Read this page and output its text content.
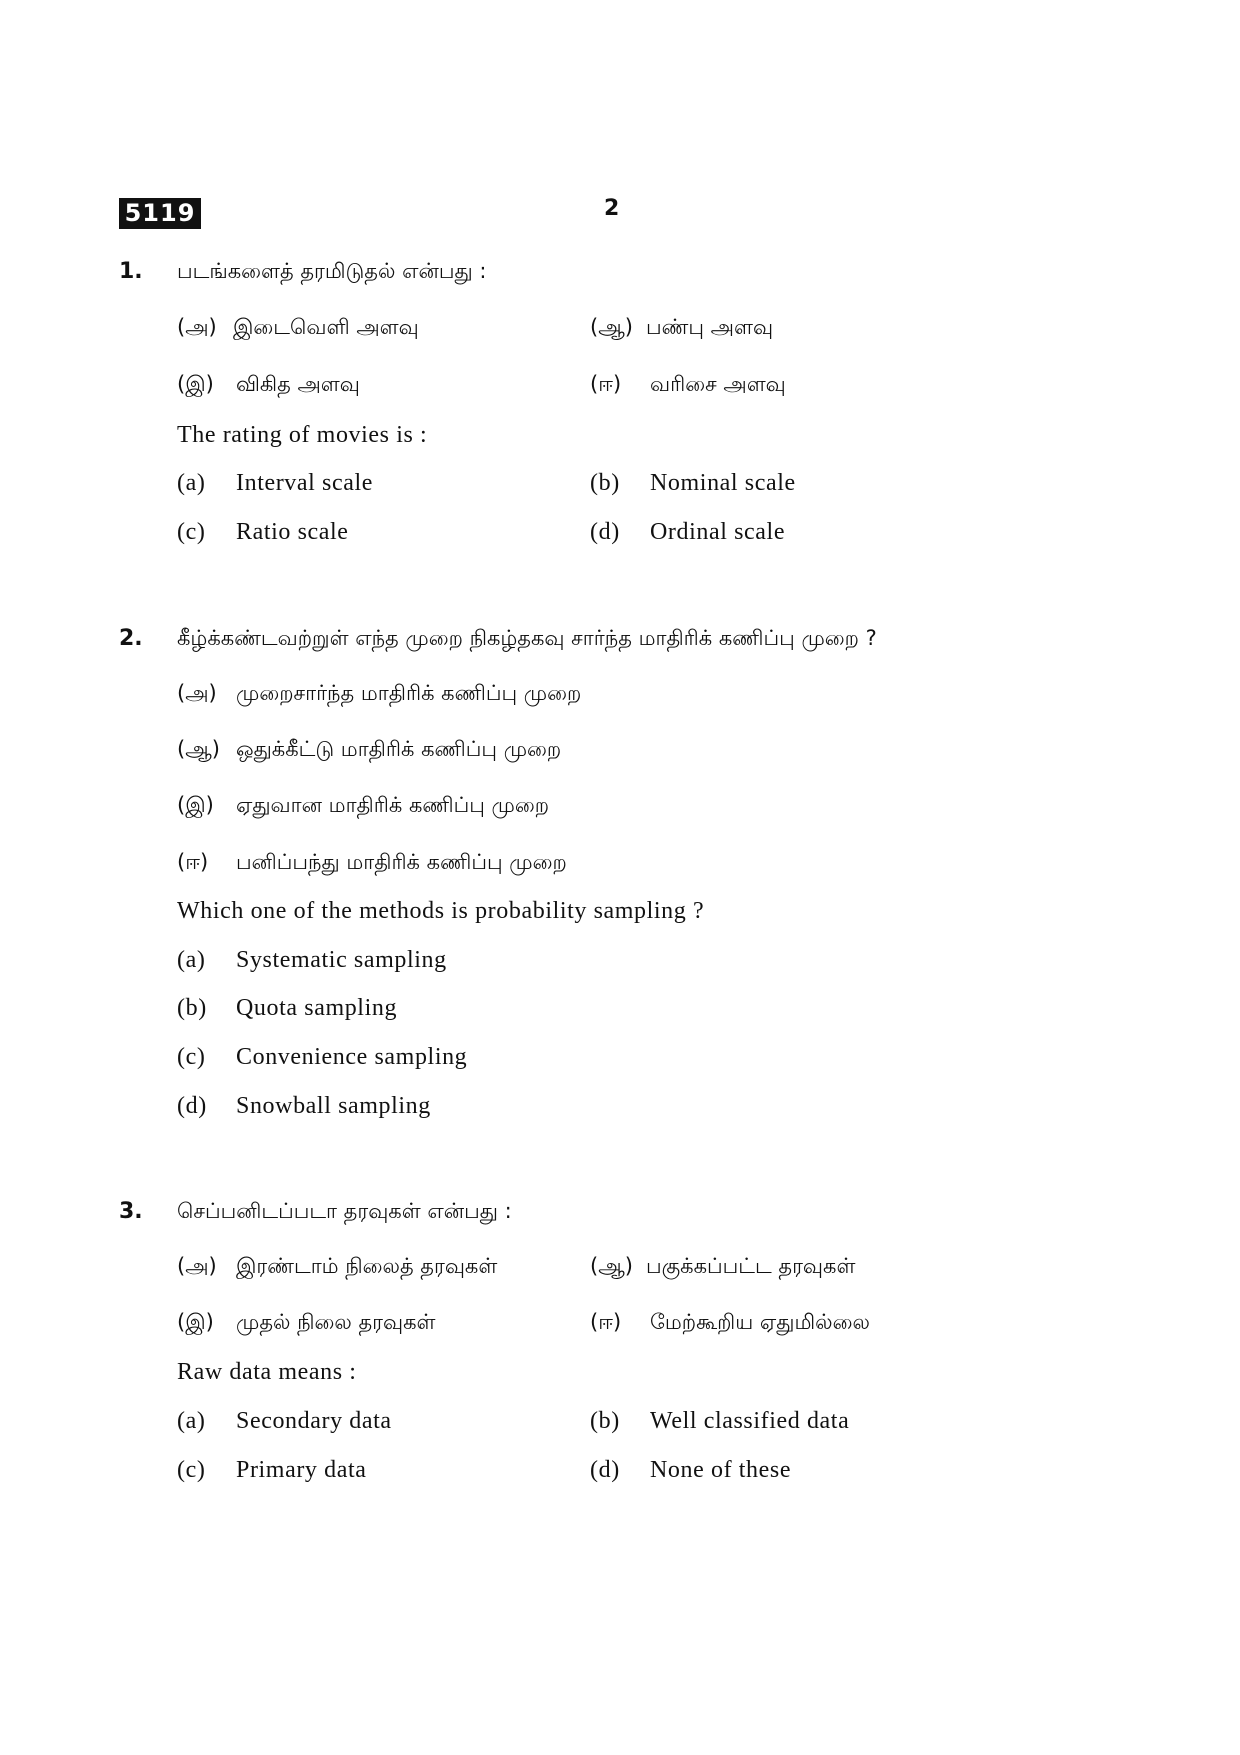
5119	2
1. படங்களைத் தரமிடுதல் என்பது :
(அ) இடைவெளி அளவு	(ஆ) பண்பு அளவு
(இ) விகித அளவு	(ஈ) வரிசை அளவு
The rating of movies is :
(a) Interval scale	(b) Nominal scale
(c) Ratio scale	(d) Ordinal scale
2. கீழ்க்கண்டவற்றுள் எந்த முறை நிகழ்தகவு சார்ந்த மாதிரிக் கணிப்பு முறை ?
(அ) முறைசார்ந்த மாதிரிக் கணிப்பு முறை
(ஆ) ஒதுக்கீட்டு மாதிரிக் கணிப்பு முறை
(இ) ஏதுவான மாதிரிக் கணிப்பு முறை
(ஈ) பனிப்பந்து மாதிரிக் கணிப்பு முறை
Which one of the methods is probability sampling ?
(a) Systematic sampling
(b) Quota sampling
(c) Convenience sampling
(d) Snowball sampling
3. செப்பனிடப்படா தரவுகள் என்பது :
(அ) இரண்டாம் நிலைத் தரவுகள்	(ஆ) பகுக்கப்பட்ட தரவுகள்
(இ) முதல் நிலை தரவுகள்	(ஈ) மேற்கூறிய ஏதுமில்லை
Raw data means :
(a) Secondary data	(b) Well classified data
(c) Primary data	(d) None of these
